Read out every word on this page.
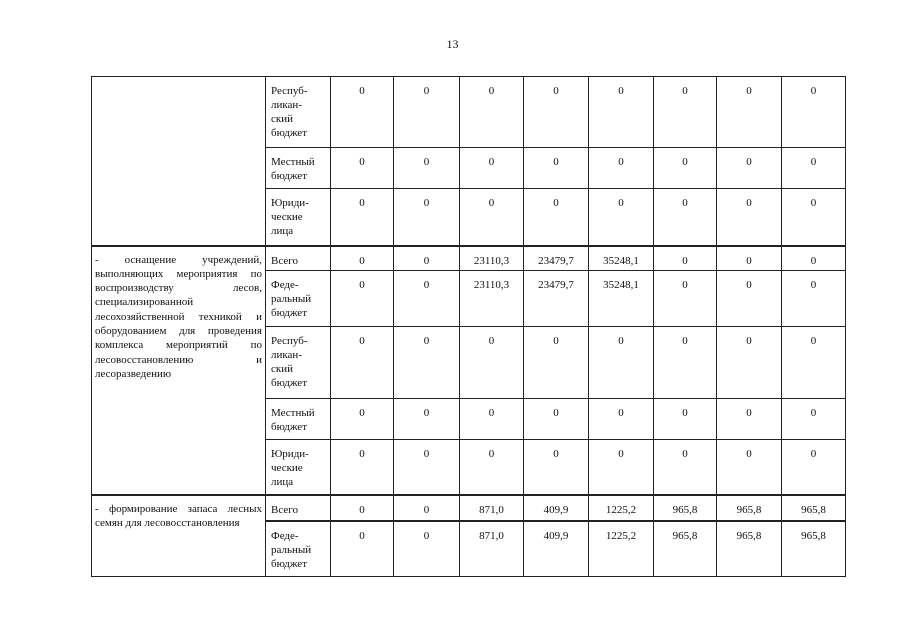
13
	Респуб-
ликан-
ский
бюджет	0	0	0	0	0	0	0	0
	Местный
бюджет	0	0	0	0	0	0	0	0
	Юриди-
ческие
лица	0	0	0	0	0	0	0	0
- оснащение учреждений, выполняющих мероприятия по воспроизводству лесов, специализированной лесохозяйственной техникой и оборудованием для проведения комплекса мероприятий по лесовосстановлению и лесоразведению	Всего	0	0	23110,3	23479,7	35248,1	0	0	0
	Феде-
ральный
бюджет	0	0	23110,3	23479,7	35248,1	0	0	0
	Респуб-
ликан-
ский
бюджет	0	0	0	0	0	0	0	0
	Местный
бюджет	0	0	0	0	0	0	0	0
	Юриди-
ческие
лица	0	0	0	0	0	0	0	0
- формирование запаса лесных семян для лесовосстановления	Всего	0	0	871,0	409,9	1225,2	965,8	965,8	965,8
	Феде-
ральный
бюджет	0	0	871,0	409,9	1225,2	965,8	965,8	965,8
